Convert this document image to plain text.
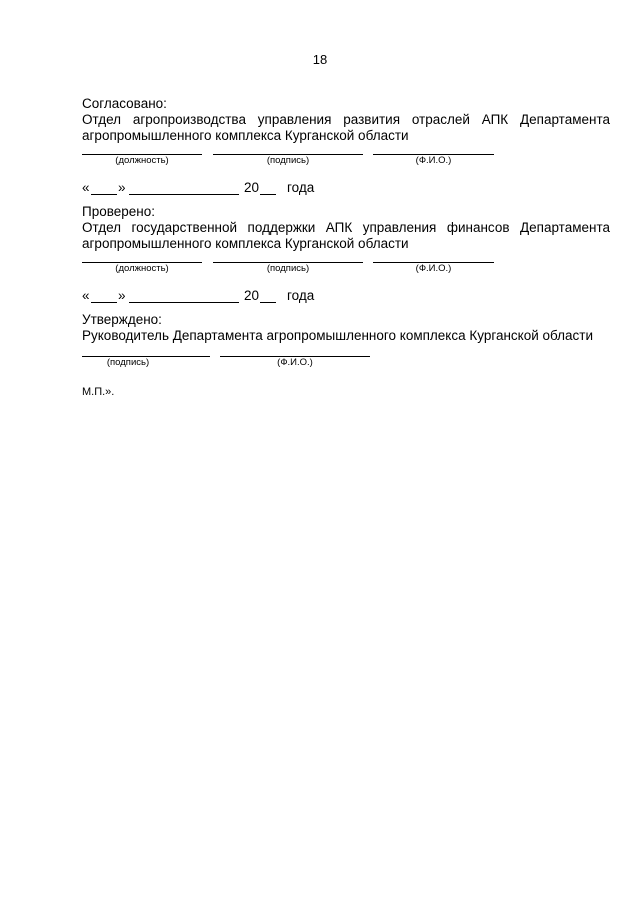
18
Согласовано:
Отдел агропроизводства управления развития отраслей АПК Департамента агропромышленного комплекса Курганской области
(должность)	(подпись)	(Ф.И.О.)
« »	20 года
Проверено:
Отдел государственной поддержки АПК управления финансов Департамента агропромышленного комплекса Курганской области
(должность)	(подпись)	(Ф.И.О.)
« »	20 года
Утверждено:
Руководитель Департамента агропромышленного комплекса Курганской области
(подпись)	(Ф.И.О.)
М.П.».
